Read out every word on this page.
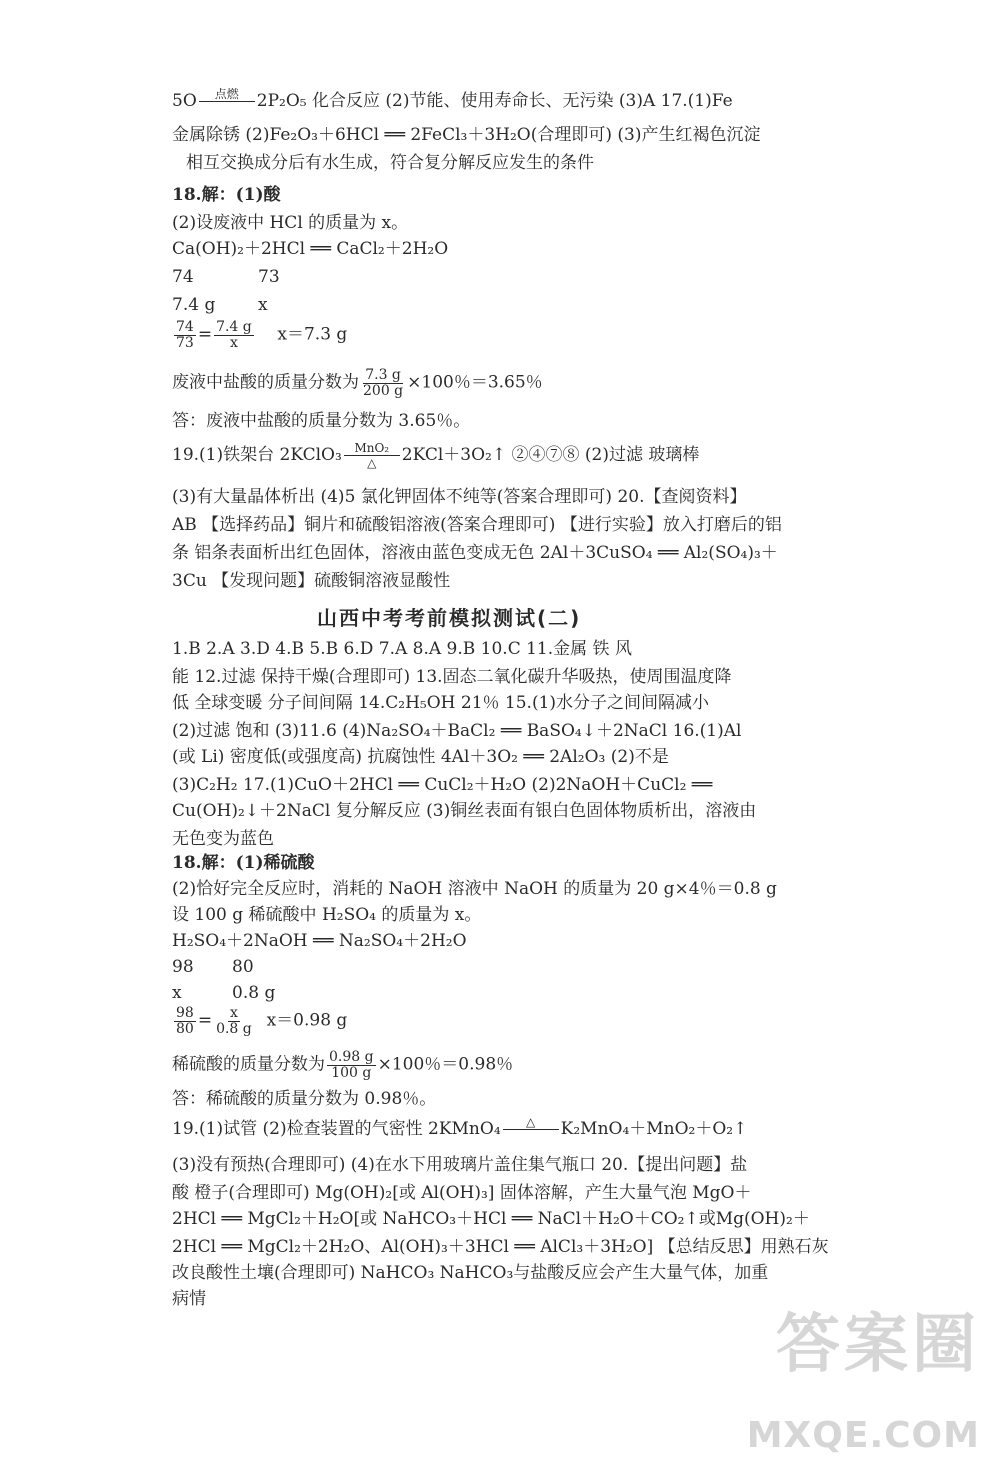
5O 点燃
2P₂O₅ 化合反应 (2)节能、使用寿命长、无污染 (3)A 17.(1)Fe
金属除锈 (2)Fe₂O₃＋6HCl ══ 2FeCl₃＋3H₂O(合理即可) (3)产生红褐色沉淀
相互交换成分后有水生成，符合复分解反应发生的条件
18.解：(1)酸
(2)设废液中 HCl 的质量为 x。
Ca(OH)₂＋2HCl ══ CaCl₂＋2H₂O
74	73
7.4 g	x
$\frac{74}{73} = \frac{7.4 g}{x} x=7.3$ g
废液中盐酸的质量分数为 $\frac{7.3 g}{200 g} \times 100$％＝3.65％
答：废液中盐酸的质量分数为 3.65％。
19.(1)铁架台 2KClO₃ MnO₂
△ 2KCl＋3O₂↑ ②④⑦⑧ (2)过滤 玻璃棒
(3)有大量晶体析出 (4)5 氯化钾固体不纯等(答案合理即可) 20.【查阅资料】
AB 【选择药品】铜片和硫酸铝溶液(答案合理即可) 【进行实验】放入打磨后的铝
条 铝条表面析出红色固体，溶液由蓝色变成无色 2Al＋3CuSO₄ ══ Al₂(SO₄)₃＋
3Cu 【发现问题】硫酸铜溶液显酸性
山西中考考前模拟测试(二)
1.B 2.A 3.D 4.B 5.B 6.D 7.A 8.A 9.B 10.C 11.金属 铁 风
能 12.过滤 保持干燥(合理即可) 13.固态二氧化碳升华吸热，使周围温度降
低 全球变暖 分子间间隔 14.C₂H₅OH 21％ 15.(1)水分子之间间隔减小
(2)过滤 饱和 (3)11.6 (4)Na₂SO₄＋BaCl₂ ══ BaSO₄↓＋2NaCl 16.(1)Al
(或 Li) 密度低(或强度高) 抗腐蚀性 4Al＋3O₂ ══ 2Al₂O₃ (2)不是
(3)C₂H₂ 17.(1)CuO＋2HCl ══ CuCl₂＋H₂O (2)2NaOH＋CuCl₂ ══
Cu(OH)₂↓＋2NaCl 复分解反应 (3)铜丝表面有银白色固体物质析出，溶液由
无色变为蓝色
18.解：(1)稀硫酸
(2)恰好完全反应时，消耗的 NaOH 溶液中 NaOH 的质量为 20 g×4％＝0.8 g
设 100 g 稀硫酸中 H₂SO₄ 的质量为 x。
H₂SO₄＋2NaOH ══ Na₂SO₄＋2H₂O
98 80
x	0.8 g
$\frac{98}{80} = \frac{x}{0.8 g} x=0.98$ g
稀硫酸的质量分数为 $\frac{0.98 g}{100 g} \times 100$％＝0.98％
答：稀硫酸的质量分数为 0.98％。
19.(1)试管 (2)检查装置的气密性 2KMnO₄ △
K₂MnO₄＋MnO₂＋O₂↑
(3)没有预热(合理即可) (4)在水下用玻璃片盖住集气瓶口 20.【提出问题】盐
酸 橙子(合理即可) Mg(OH)₂[或 Al(OH)₃] 固体溶解，产生大量气泡 MgO＋
2HCl ══ MgCl₂＋H₂O[或 NaHCO₃＋HCl ══ NaCl＋H₂O＋CO₂↑或Mg(OH)₂＋
2HCl ══ MgCl₂＋2H₂O、Al(OH)₃＋3HCl ══ AlCl₃＋3H₂O] 【总结反思】用熟石灰
改良酸性土壤(合理即可) NaHCO₃ NaHCO₃与盐酸反应会产生大量气体，加重
病情
答案圈
MXQE.COM
